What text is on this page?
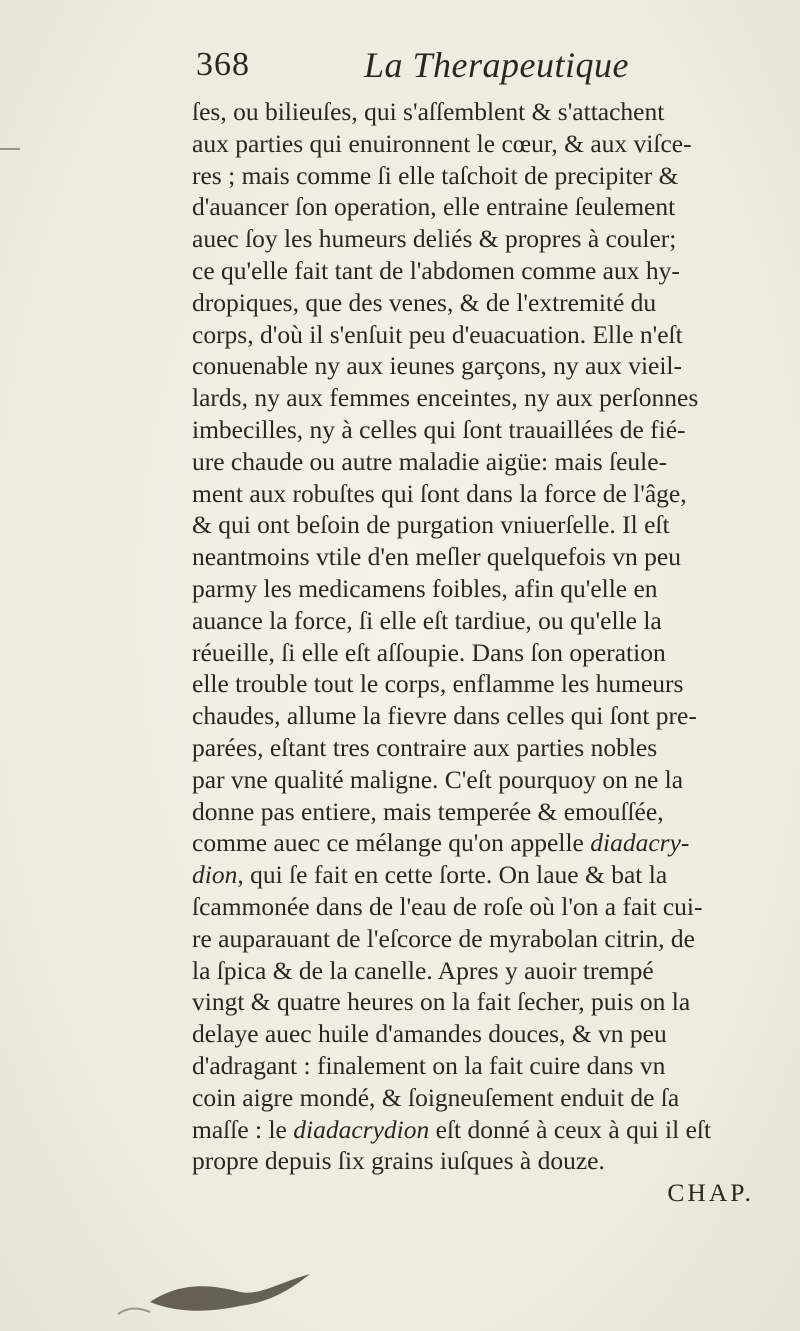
368	La Therapeutique
ſes, ou bilieuſes, qui s'aſſemblent & s'attachent
aux parties qui enuironnent le cœur, & aux viſce-
res ; mais comme ſi elle taſchoit de precipiter &
d'auancer ſon operation, elle entraine ſeulement
auec ſoy les humeurs deliés & propres à couler;
ce qu'elle fait tant de l'abdomen comme aux hy-
dropiques, que des venes, & de l'extremité du
corps, d'où il s'enſuit peu d'euacuation. Elle n'eſt
conuenable ny aux ieunes garçons, ny aux vieil-
lards, ny aux femmes enceintes, ny aux perſonnes
imbecilles, ny à celles qui ſont trauaillées de fié-
ure chaude ou autre maladie aigüe: mais ſeule-
ment aux robuſtes qui ſont dans la force de l'âge,
& qui ont beſoin de purgation vniuerſelle. Il eſt
neantmoins vtile d'en meſler quelquefois vn peu
parmy les medicamens foibles, afin qu'elle en
auance la force, ſi elle eſt tardiue, ou qu'elle la
réueille, ſi elle eſt aſſoupie. Dans ſon operation
elle trouble tout le corps, enflamme les humeurs
chaudes, allume la fievre dans celles qui ſont pre-
parées, eſtant tres contraire aux parties nobles
par vne qualité maligne. C'eſt pourquoy on ne la
donne pas entiere, mais temperée & emouſſée,
comme auec ce mélange qu'on appelle diadacry-
dion, qui ſe fait en cette ſorte. On laue & bat la
ſcammonée dans de l'eau de roſe où l'on a fait cui-
re auparauant de l'eſcorce de myrabolan citrin, de
la ſpica & de la canelle. Apres y auoir trempé
vingt & quatre heures on la fait ſecher, puis on la
delaye auec huile d'amandes douces, & vn peu
d'adragant : finalement on la fait cuire dans vn
coin aigre mondé, & ſoigneuſement enduit de ſa
maſſe : le diadacrydion eſt donné à ceux à qui il eſt
propre depuis ſix grains iuſques à douze.
CHAP.
